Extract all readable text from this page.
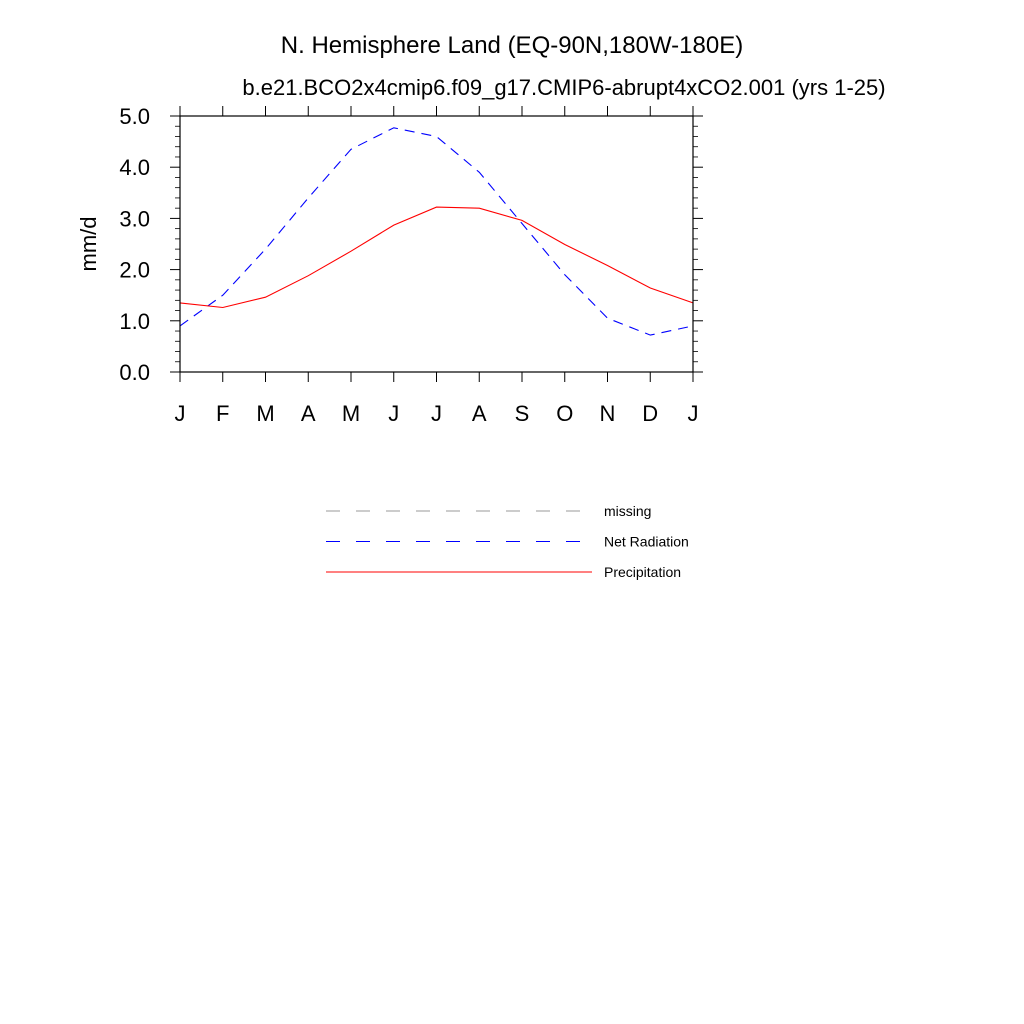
N. Hemisphere Land (EQ-90N,180W-180E)
b.e21.BCO2x4cmip6.f09_g17.CMIP6-abrupt4xCO2.001 (yrs 1-25)
mm/d
J F M A M J J A S O N D J
0.0
1.0
2.0
3.0
4.0
5.0
missing
Net Radiation
Precipitation
